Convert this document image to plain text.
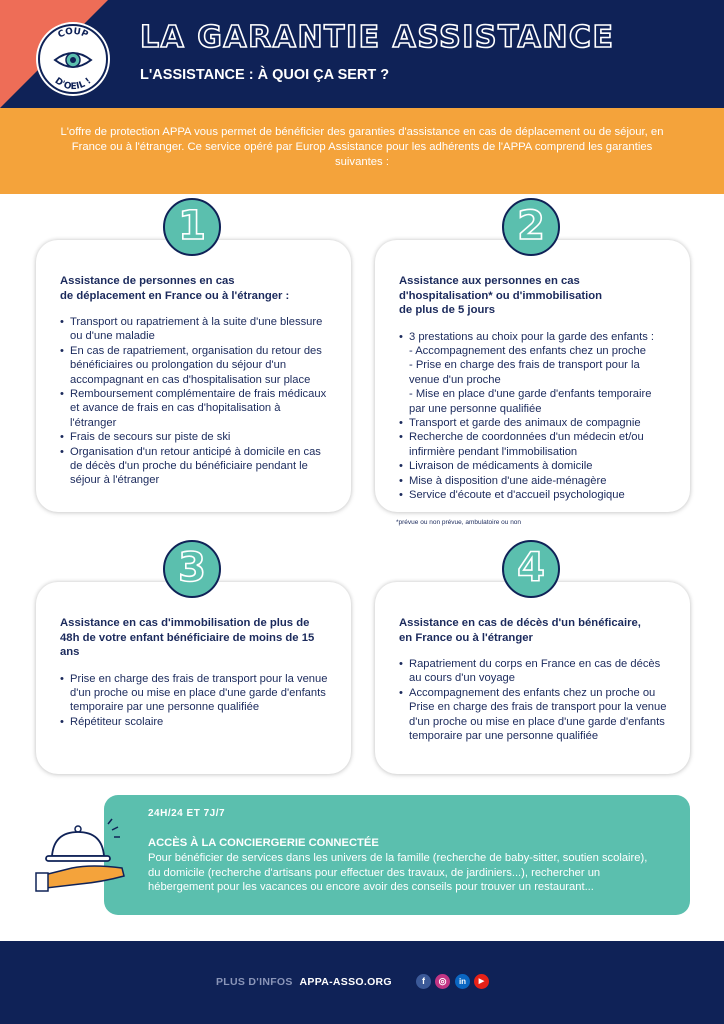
COUP
D'OEIL !
LA GARANTIE ASSISTANCE
L'ASSISTANCE : À QUOI ÇA SERT ?

L'offre de protection APPA vous permet de bénéficier des garanties d'assistance en cas de déplacement ou de séjour, en France ou à l'étranger. Ce service opéré par Europ Assistance pour les adhérents de l'APPA comprend les garanties suivantes :

1
Assistance de personnes en cas
de déplacement en France ou à l'étranger :
• Transport ou rapatriement à la suite d'une blessure ou d'une maladie
• En cas de rapatriement, organisation du retour des bénéficiaires ou prolongation du séjour d'un accompagnant en cas d'hospitalisation sur place
• Remboursement complémentaire de frais médicaux et avance de frais en cas d'hopitalisation à l'étranger
• Frais de secours sur piste de ski
• Organisation d'un retour anticipé à domicile en cas de décès d'un proche du bénéficiaire pendant le séjour à l'étranger
2
Assistance aux personnes en cas
d'hospitalisation* ou d'immobilisation
de plus de 5 jours
• 3 prestations au choix pour la garde des enfants :
- Accompagnement des enfants chez un proche
- Prise en charge des frais de transport pour la venue d'un proche
- Mise en place d'une garde d'enfants temporaire par une personne qualifiée
• Transport et garde des animaux de compagnie
• Recherche de coordonnées d'un médecin et/ou infirmière pendant l'immobilisation
• Livraison de médicaments à domicile
• Mise à disposition d'une aide-ménagère
• Service d'écoute et d'accueil psychologique
*prévue ou non prévue, ambulatoire ou non
3
Assistance en cas d'immobilisation de plus de 48h de votre enfant bénéficiaire de moins de 15 ans
• Prise en charge des frais de transport pour la venue d'un proche ou mise en place d'une garde d'enfants temporaire par une personne qualifiée
• Répétiteur scolaire
4
Assistance en cas de décès d'un bénéficaire, en France ou à l'étranger
• Rapatriement du corps en France en cas de décès au cours d'un voyage
• Accompagnement des enfants chez un proche ou Prise en charge des frais de transport pour la venue d'un proche ou mise en place d'une garde d'enfants temporaire par une personne qualifiée
24H/24 ET 7J/7
ACCÈS À LA CONCIERGERIE CONNECTÉE
Pour bénéficier de services dans les univers de la famille (recherche de baby-sitter, soutien scolaire), du domicile (recherche d'artisans pour effectuer des travaux, de jardiniers...), rechercher un hébergement pour les vacances ou encore avoir des conseils pour trouver un restaurant...
PLUS D'INFOS APPA-ASSO.ORG	f	◎	in	▶
